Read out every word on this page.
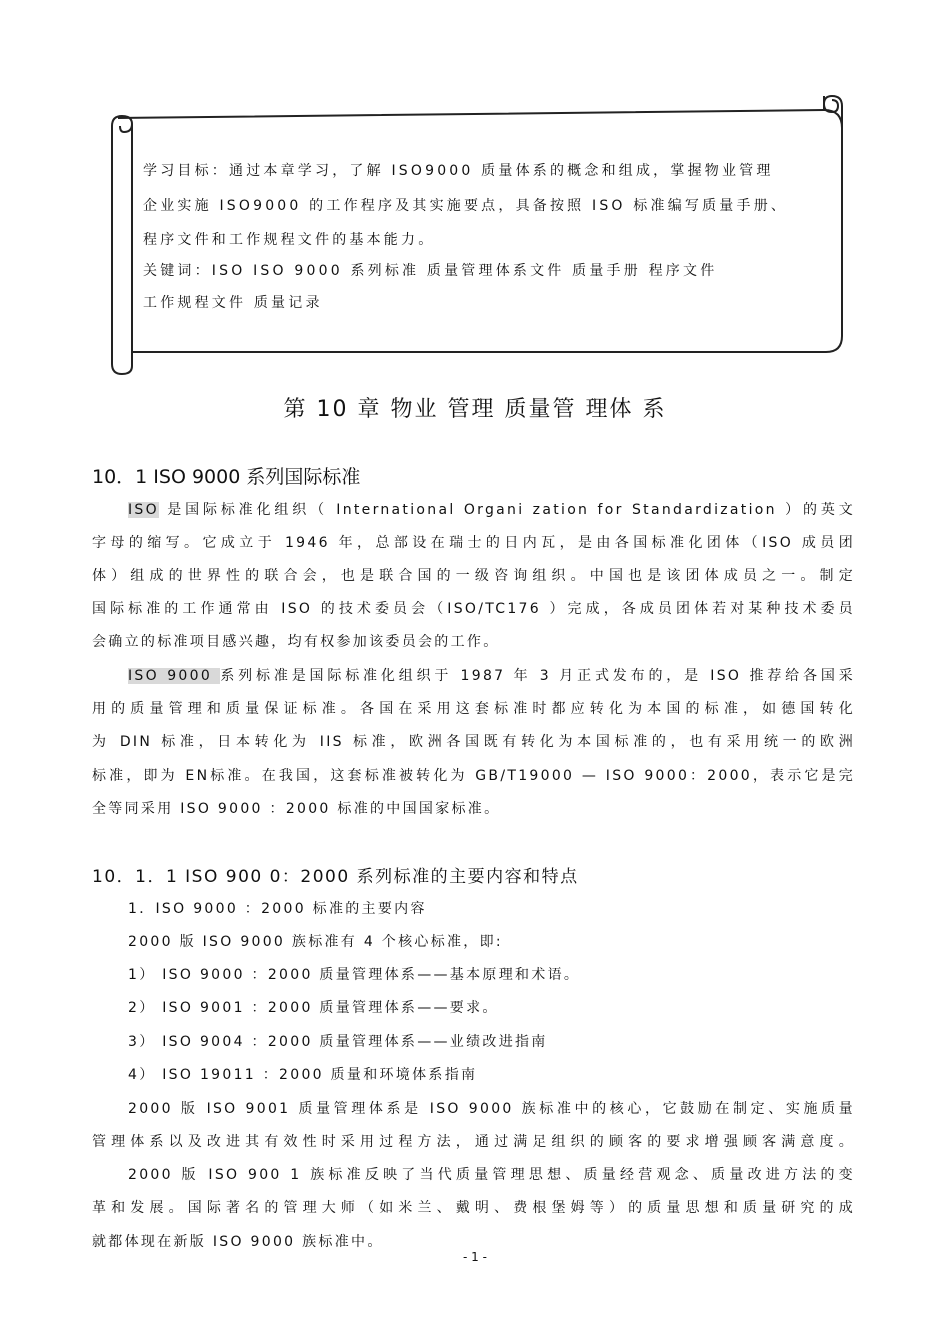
学习目标：通过本章学习，了解 ISO9000 质量体系的概念和组成，掌握物业管理
企业实施 ISO9000 的工作程序及其实施要点，具备按照 ISO 标准编写质量手册、
程序文件和工作规程文件的基本能力。
关键词：ISO ISO 9000 系列标准 质量管理体系文件 质量手册 程序文件
工作规程文件 质量记录
第 10 章 物业 管理 质量管 理体 系
10．1 ISO 9000 系列国际标准
ISO 是国际标准化组织（ International Organi zation for Standardization ）的英文
字母的缩写。它成立于 1946 年，总部设在瑞士的日内瓦，是由各国标准化团体（ISO 成员团
体）组成的世界性的联合会，也是联合国的一级咨询组织。中国也是该团体成员之一。制定
国际标准的工作通常由 ISO 的技术委员会（ISO/TC176 ）完成，各成员团体若对某种技术委员
会确立的标准项目感兴趣，均有权参加该委员会的工作。
ISO 9000 系列标准是国际标准化组织于 1987 年 3 月正式发布的，是 ISO 推荐给各国采
用的质量管理和质量保证标准。各国在采用这套标准时都应转化为本国的标准，如德国转化
为 DIN 标准，日本转化为 IIS 标准，欧洲各国既有转化为本国标准的，也有采用统一的欧洲
标准，即为 EN标准。在我国，这套标准被转化为 GB/T19000 — ISO 9000：2000，表示它是完
全等同采用 ISO 9000 ：2000 标准的中国国家标准。
10．1．1 ISO 900 0：2000 系列标准的主要内容和特点
1．ISO 9000 ：2000 标准的主要内容
2000 版 ISO 9000 族标准有 4 个核心标准，即:
1） ISO 9000 ：2000 质量管理体系——基本原理和术语。
2） ISO 9001 ：2000 质量管理体系——要求。
3） ISO 9004 ：2000 质量管理体系——业绩改进指南
4） ISO 19011 ：2000 质量和环境体系指南
2000 版 ISO 9001 质量管理体系是 ISO 9000 族标准中的核心，它鼓励在制定、实施质量
管理体系以及改进其有效性时采用过程方法，通过满足组织的顾客的要求增强顾客满意度。
2000 版 ISO 900 1 族标准反映了当代质量管理思想、质量经营观念、质量改进方法的变
革和发展。国际著名的管理大师（如米兰、戴明、费根堡姆等）的质量思想和质量研究的成
就都体现在新版 ISO 9000 族标准中。
- 1 -
